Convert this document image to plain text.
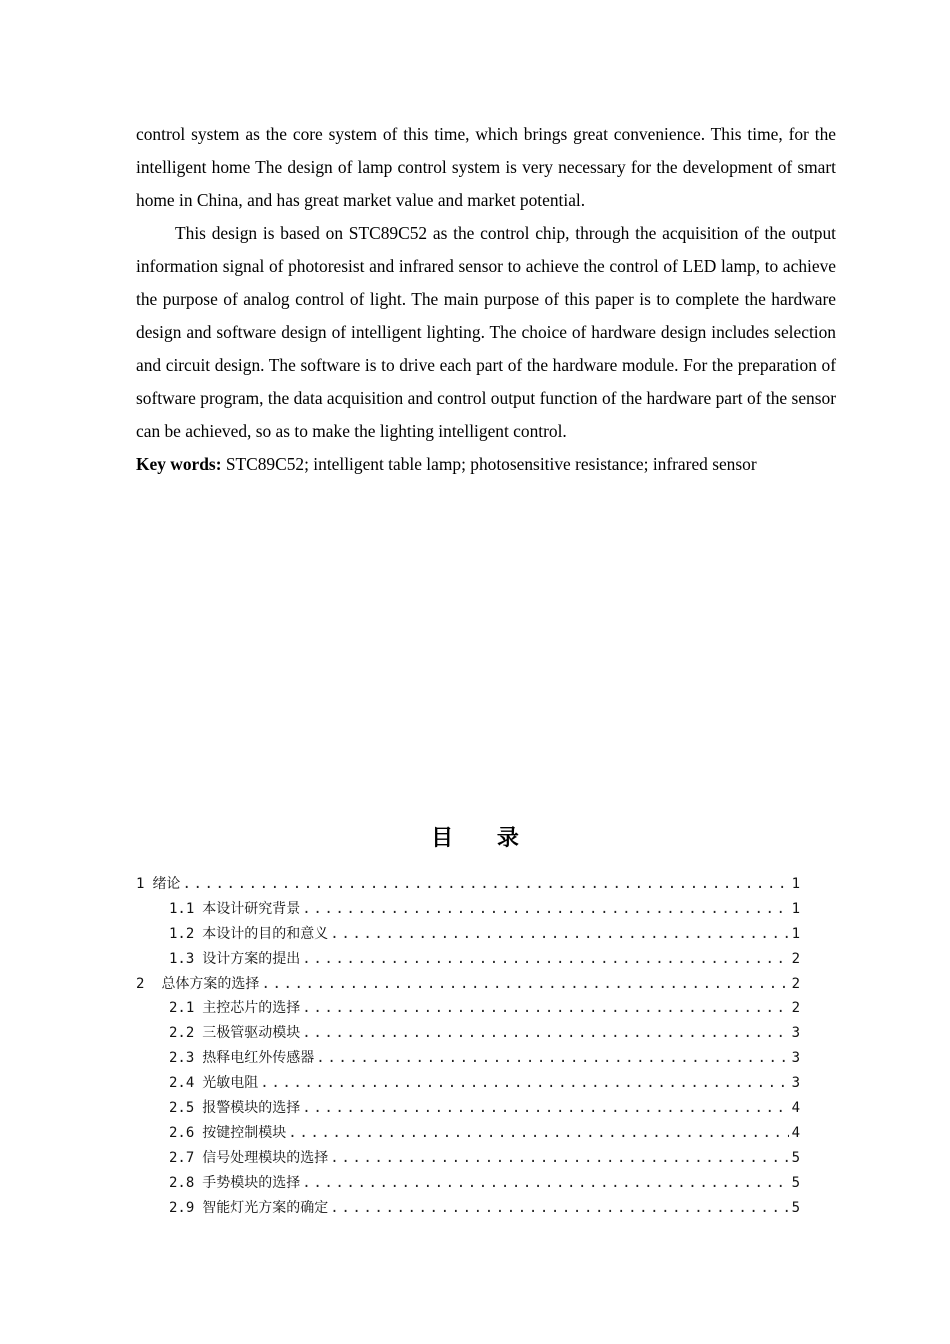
control system as the core system of this time, which brings great convenience. This time, for the intelligent home The design of lamp control system is very necessary for the development of smart home in China, and has great market value and market potential.

This design is based on STC89C52 as the control chip, through the acquisition of the output information signal of photoresist and infrared sensor to achieve the control of LED lamp, to achieve the purpose of analog control of light. The main purpose of this paper is to complete the hardware design and software design of intelligent lighting. The choice of hardware design includes selection and circuit design. The software is to drive each part of the hardware module. For the preparation of software program, the data acquisition and control output function of the hardware part of the sensor can be achieved, so as to make the lighting intelligent control.

Key words: STC89C52; intelligent table lamp; photosensitive resistance; infrared sensor

目 录
1 绪论 .....	1
1.1 本设计研究背景 .....	1
1.2 本设计的目的和意义 .....	1
1.3 设计方案的提出 .....	2
2 总体方案的选择 .....	2
2.1 主控芯片的选择 .....	2
2.2 三极管驱动模块 .....	3
2.3 热释电红外传感器 .....	3
2.4 光敏电阻 .....	3
2.5 报警模块的选择 .....	4
2.6 按键控制模块 .....	4
2.7 信号处理模块的选择 .....	5
2.8 手势模块的选择 .....	5
2.9 智能灯光方案的确定 .....	5
